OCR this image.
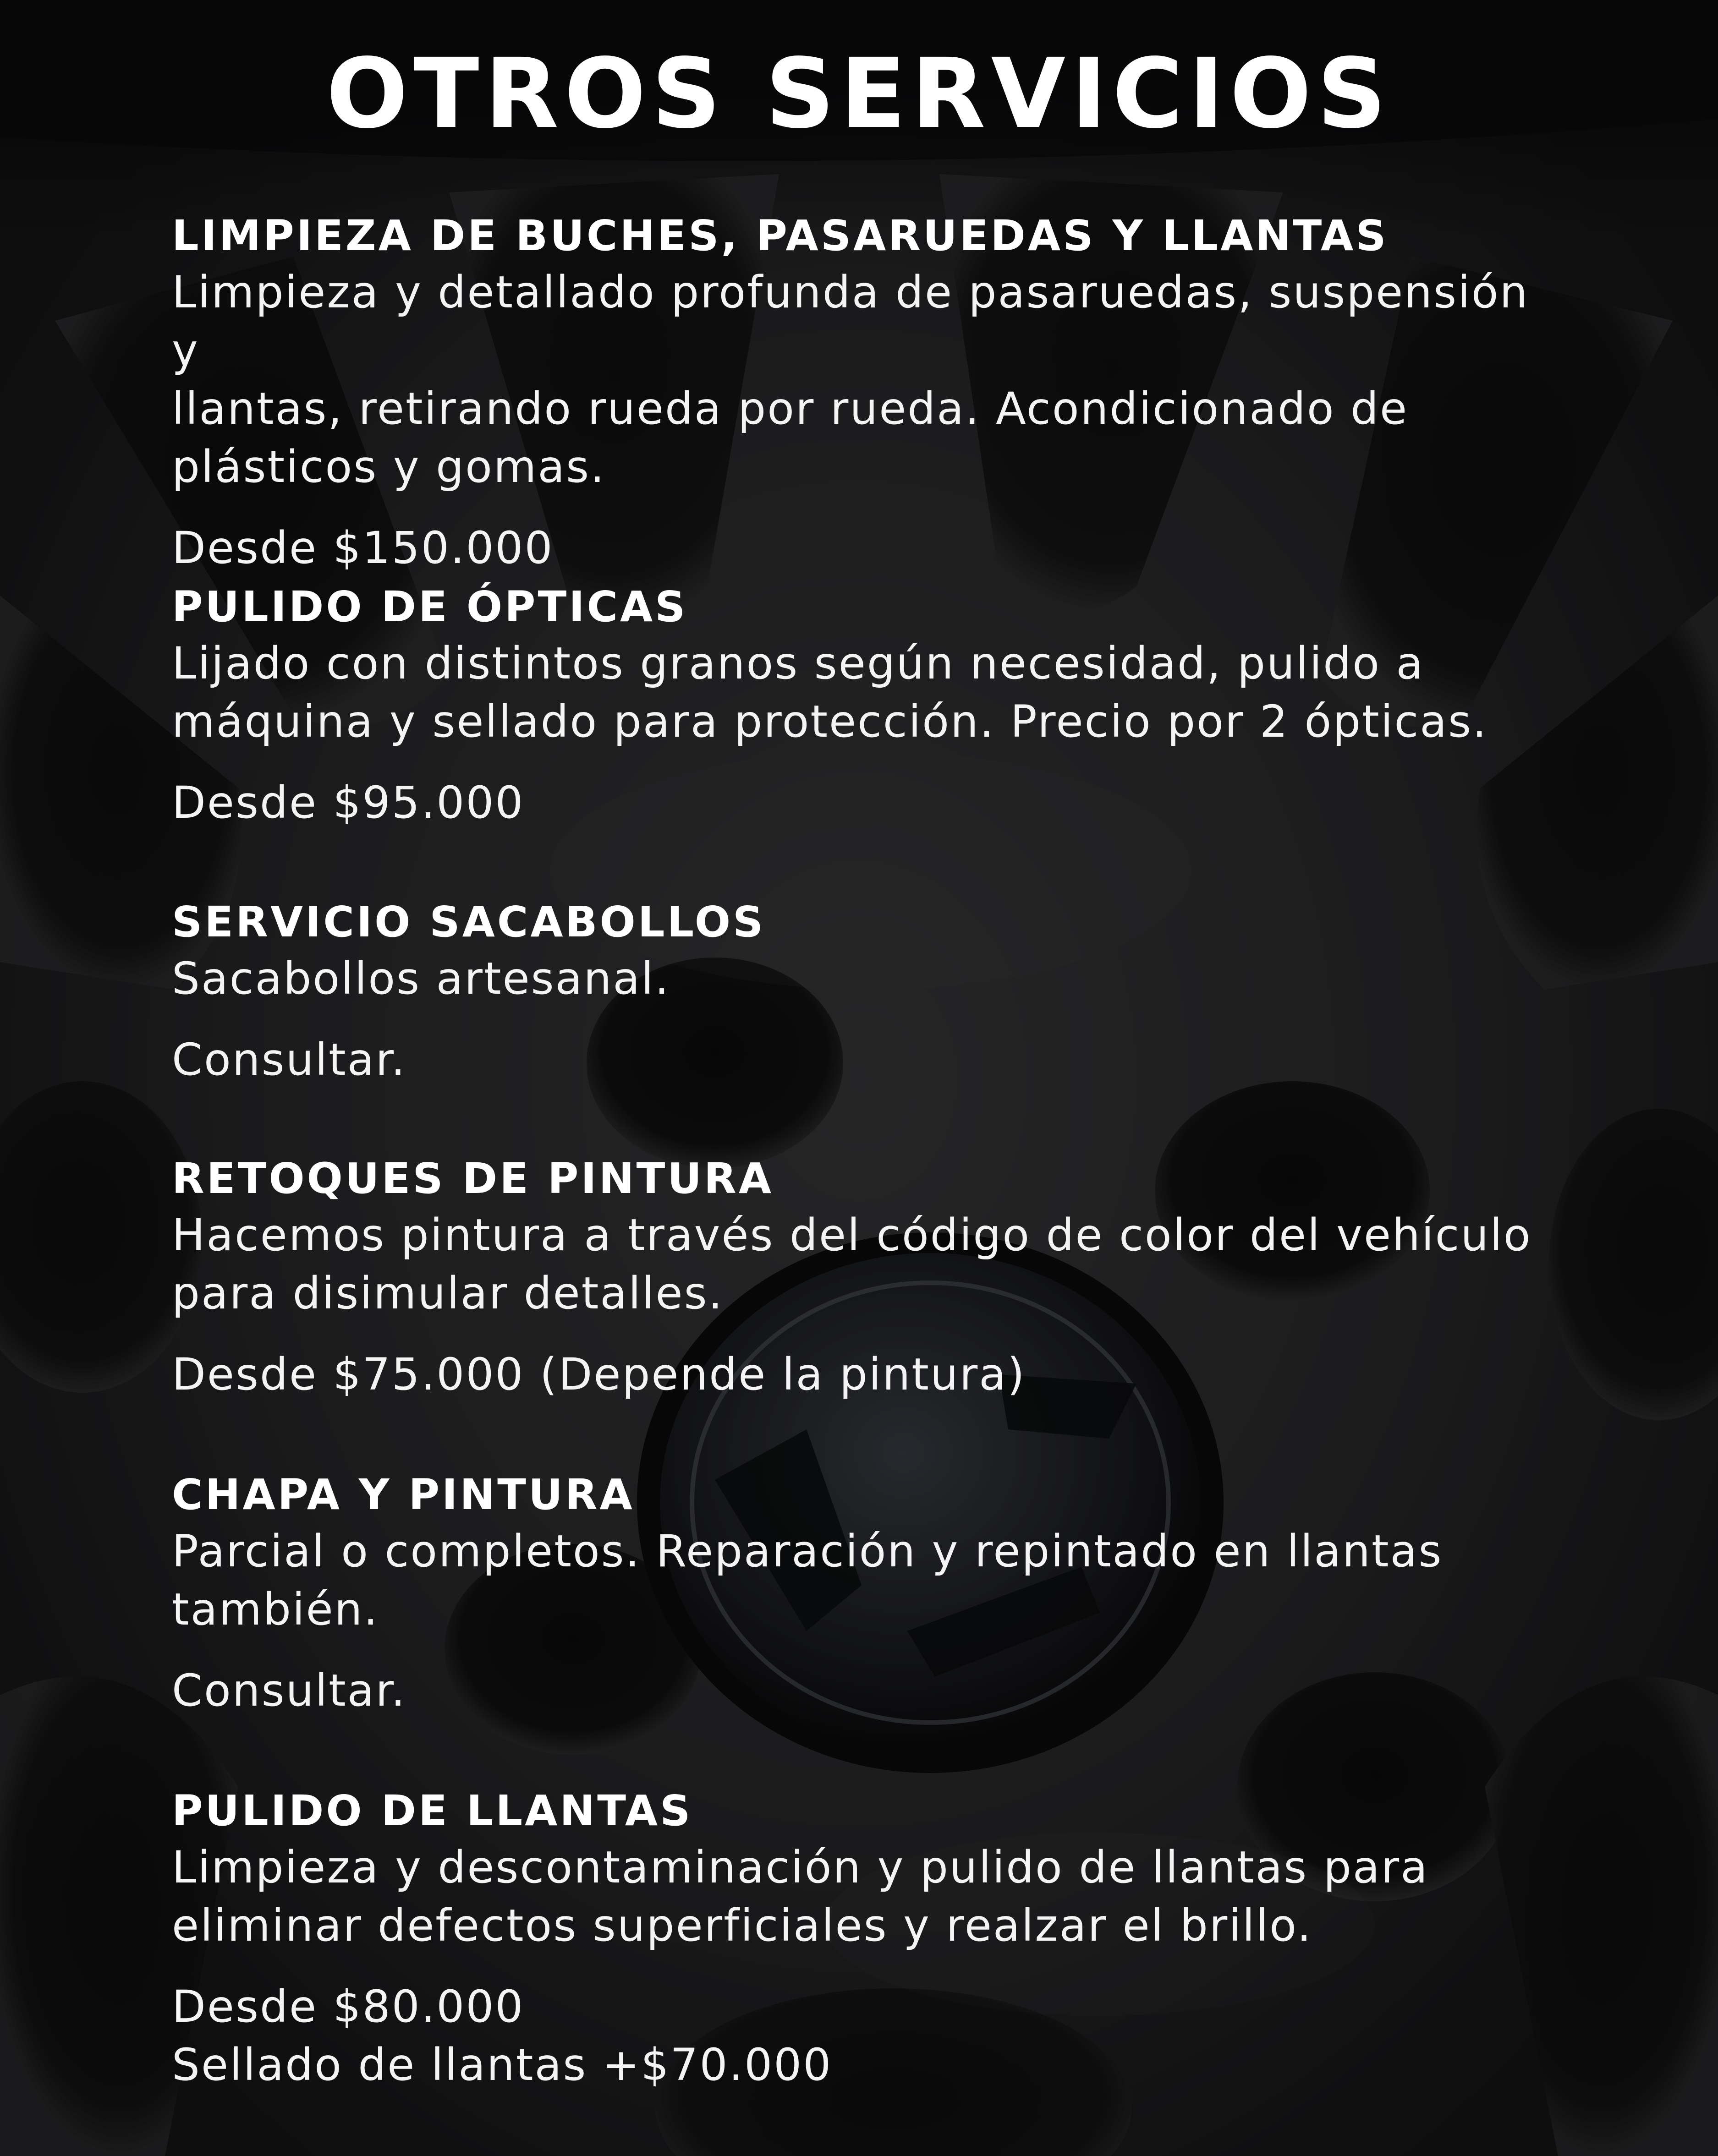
OTROS SERVICIOS

LIMPIEZA DE BUCHES, PASARUEDAS Y LLANTAS

Limpieza y detallado profunda de pasaruedas, suspensión y
llantas, retirando rueda por rueda. Acondicionado de
plásticos y gomas.

Desde $150.000

PULIDO DE ÓPTICAS

Lijado con distintos granos según necesidad, pulido a
máquina y sellado para protección. Precio por 2 ópticas.

Desde $95.000

SERVICIO SACABOLLOS

Sacabollos artesanal.

Consultar.

RETOQUES DE PINTURA

Hacemos pintura a través del código de color del vehículo
para disimular detalles.

Desde $75.000 (Depende la pintura)

CHAPA Y PINTURA

Parcial o completos. Reparación y repintado en llantas
también.

Consultar.

PULIDO DE LLANTAS

Limpieza y descontaminación y pulido de llantas para
eliminar defectos superficiales y realzar el brillo.

Desde $80.000
Sellado de llantas +$70.000
